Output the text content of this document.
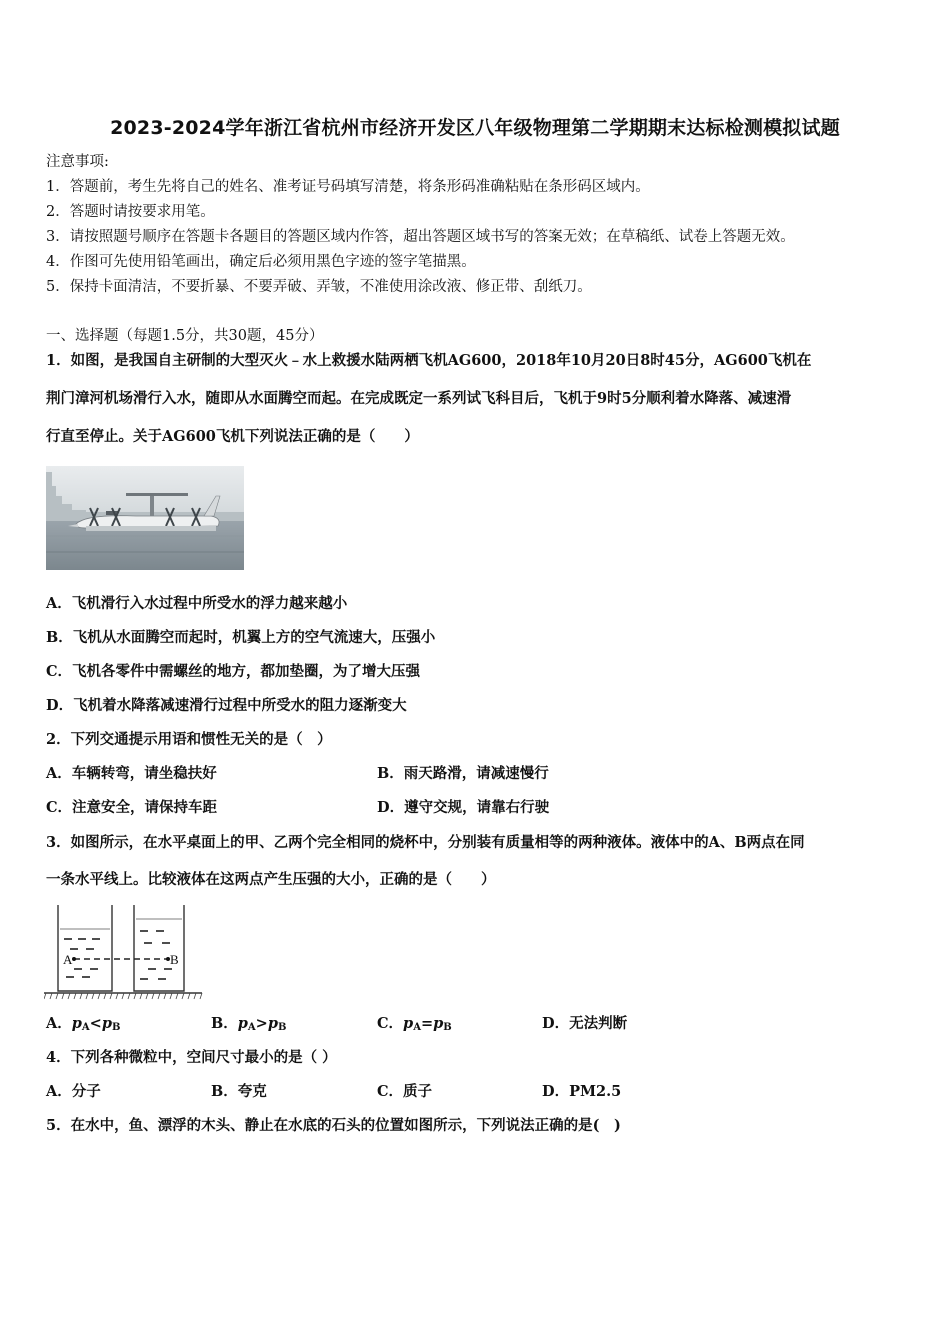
2023-2024学年浙江省杭州市经济开发区八年级物理第二学期期末达标检测模拟试题
注意事项:
1．答题前，考生先将自己的姓名、准考证号码填写清楚，将条形码准确粘贴在条形码区域内。
2．答题时请按要求用笔。
3．请按照题号顺序在答题卡各题目的答题区域内作答，超出答题区域书写的答案无效；在草稿纸、试卷上答题无效。
4．作图可先使用铅笔画出，确定后必须用黑色字迹的签字笔描黑。
5．保持卡面清洁，不要折暴、不要弄破、弄皱，不准使用涂改液、修正带、刮纸刀。
一、选择题（每题1.5分，共30题，45分）
1．如图，是我国自主研制的大型灭火﹣水上救援水陆两栖飞机AG600，2018年10月20日8时45分，AG600飞机在
荆门漳河机场滑行入水，随即从水面腾空而起。在完成既定一系列试飞科目后，飞机于9时5分顺利着水降落、减速滑
行直至停止。关于AG600飞机下列说法正确的是（　　）
A．飞机滑行入水过程中所受水的浮力越来越小
B．飞机从水面腾空而起时，机翼上方的空气流速大，压强小
C．飞机各零件中需螺丝的地方，都加垫圈，为了增大压强
D．飞机着水降落减速滑行过程中所受水的阻力逐渐变大
2．下列交通提示用语和惯性无关的是（　）
A．车辆转弯，请坐稳扶好	B．雨天路滑，请减速慢行
C．注意安全，请保持车距	D．遵守交规，请靠右行驶
3．如图所示，在水平桌面上的甲、乙两个完全相同的烧杯中，分别装有质量相等的两种液体。液体中的A、B两点在同
一条水平线上。比较液体在这两点产生压强的大小，正确的是（　　）
A	B
A．$p_A<p_B$	B．$p_A>p_B$	C．$p_A=p_B$	D．无法判断
4．下列各种微粒中，空间尺寸最小的是（ ）
A．分子	B．夸克	C．质子	D．PM2.5
5．在水中，鱼、漂浮的木头、静止在水底的石头的位置如图所示，下列说法正确的是(　)
